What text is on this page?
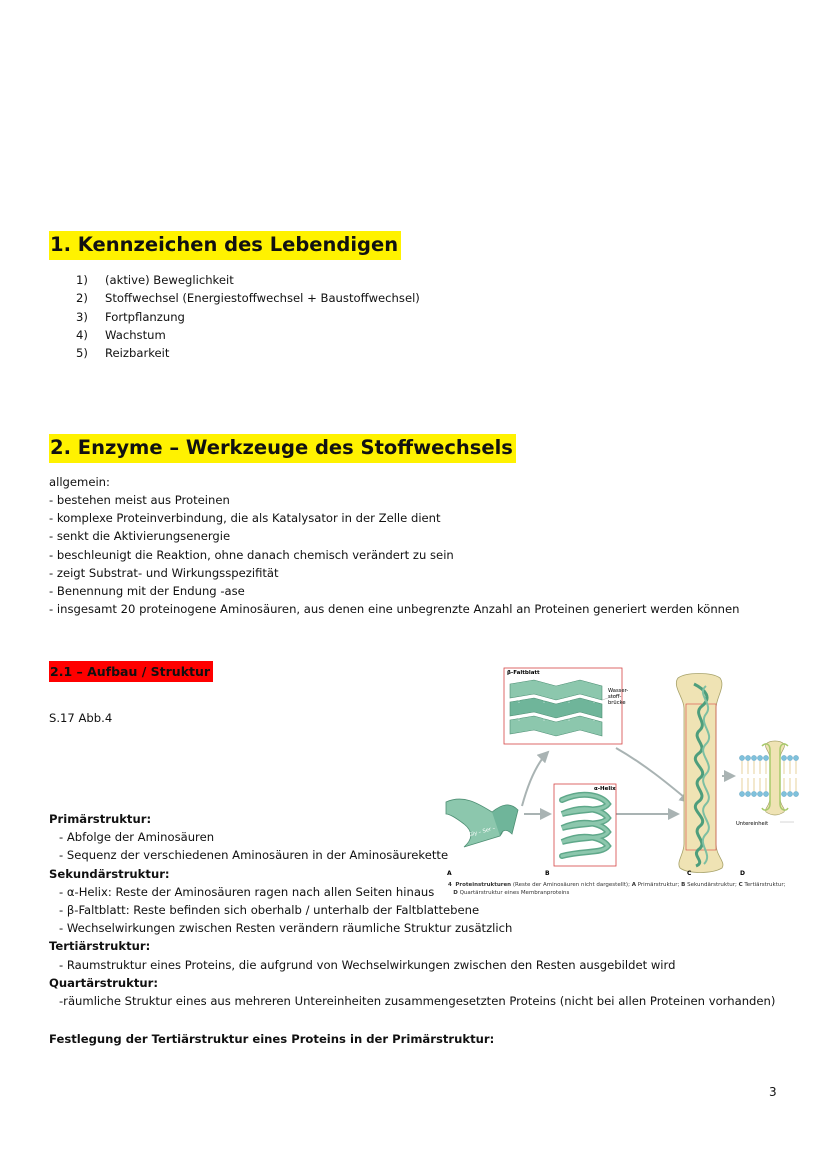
1. Kennzeichen des Lebendigen
1)	(aktive) Beweglichkeit
2)	Stoffwechsel (Energiestoffwechsel + Baustoffwechsel)
3)	Fortpflanzung
4)	Wachstum
5)	Reizbarkeit
2. Enzyme – Werkzeuge des Stoffwechsels
allgemein:
- bestehen meist aus Proteinen
- komplexe Proteinverbindung, die als Katalysator in der Zelle dient
- senkt die Aktivierungsenergie
- beschleunigt die Reaktion, ohne danach chemisch verändert zu sein
- zeigt Substrat- und Wirkungsspezifität
- Benennung mit der Endung -ase
- insgesamt 20 proteinogene Aminosäuren, aus denen eine unbegrenzte Anzahl an Proteinen generiert werden können
2.1 – Aufbau / Struktur
S.17 Abb.4
Primärstruktur:
- Abfolge der Aminosäuren
- Sequenz der verschiedenen Aminosäuren in der Aminosäurekette
Sekundärstruktur:
- α-Helix: Reste der Aminosäuren ragen nach allen Seiten hinaus
- β-Faltblatt: Reste befinden sich oberhalb / unterhalb der Faltblattebene
- Wechselwirkungen zwischen Resten verändern räumliche Struktur zusätzlich
Tertiärstruktur:
- Raumstruktur eines Proteins, die aufgrund von Wechselwirkungen zwischen den Resten ausgebildet wird
Quartärstruktur:
-räumliche Struktur eines aus mehreren Untereinheiten zusammengesetzten Proteins (nicht bei allen Proteinen vorhanden)
Festlegung der Tertiärstruktur eines Proteins in der Primärstruktur:
Val – Gly – Ser –
β-Faltblatt
Wasser-
stoff-
brücke
α-Helix
Untereinheit
A	B	C	D
4 Proteinstrukturen (Reste der Aminosäuren nicht dargestellt); A Primärstruktur; B Sekundärstruktur; C Tertiärstruktur;
D Quartärstruktur eines Membranproteins
3
